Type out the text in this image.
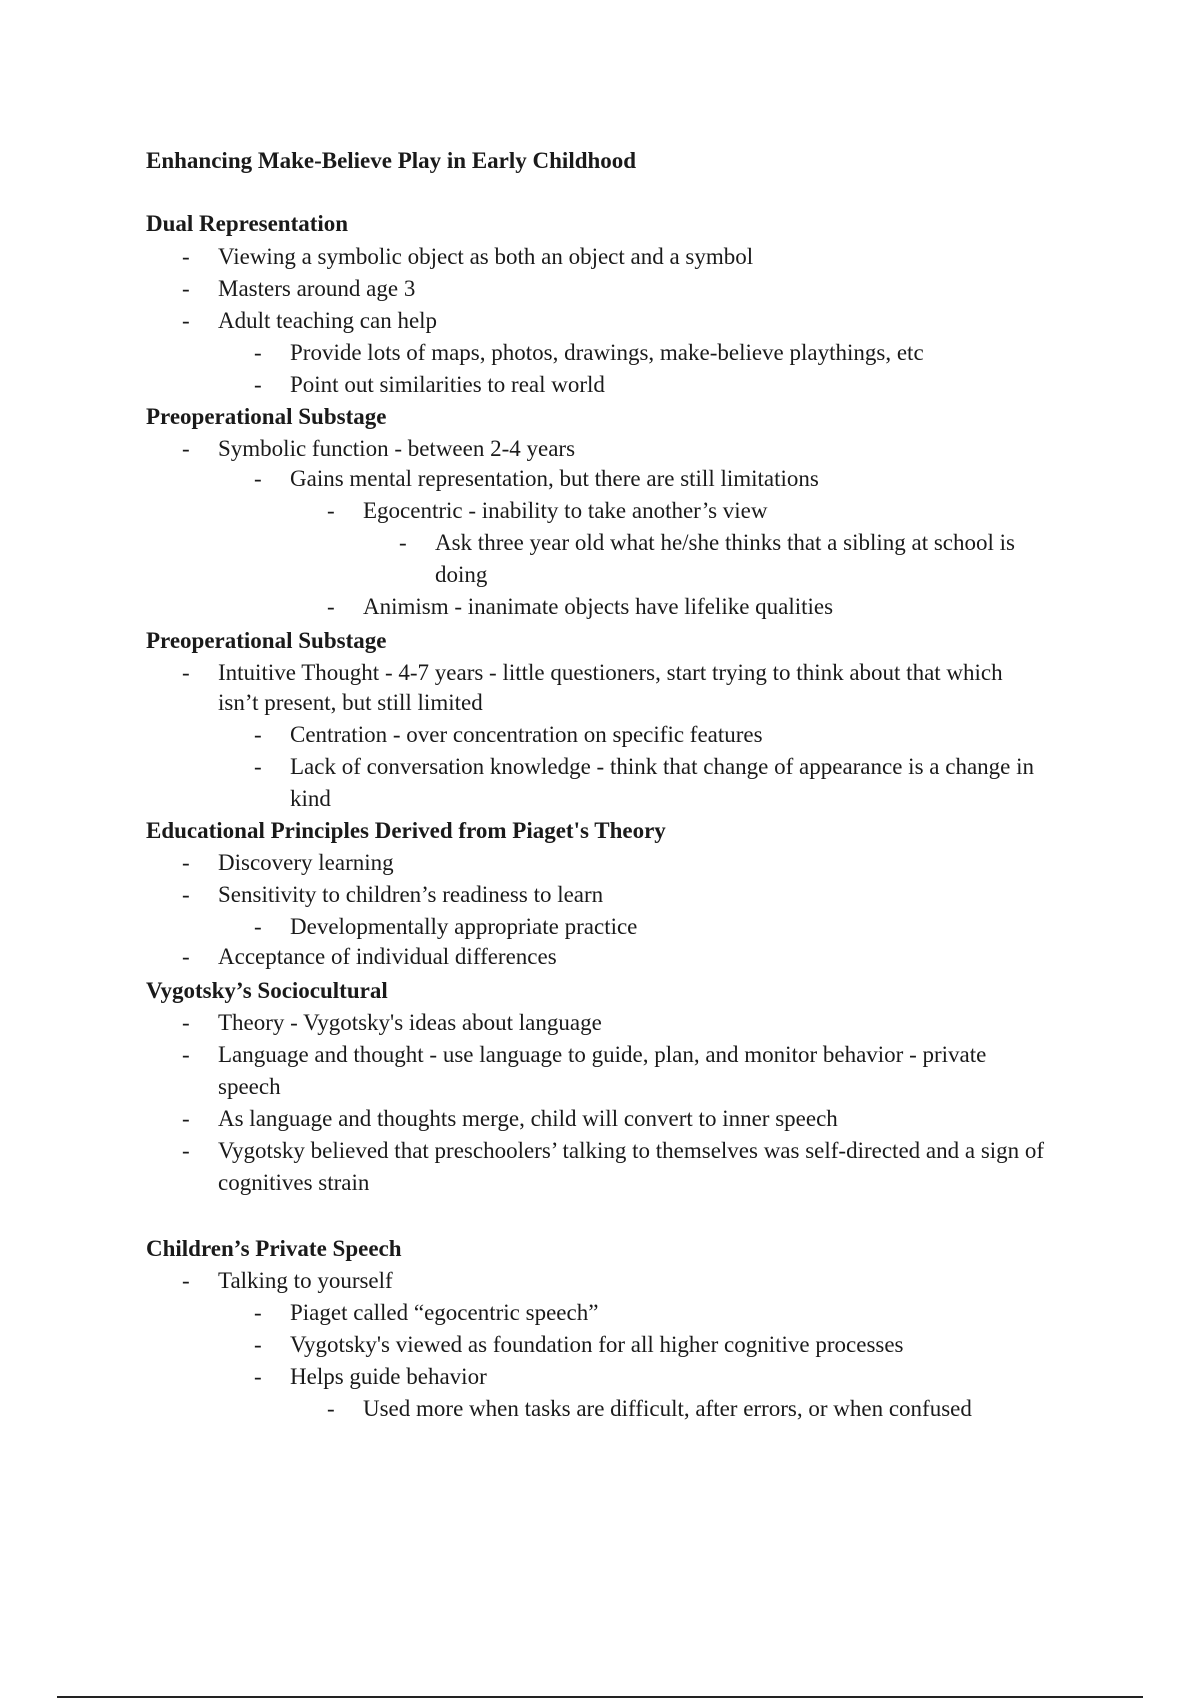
Enhancing Make-Believe Play in Early Childhood
Dual Representation
- Viewing a symbolic object as both an object and a symbol
- Masters around age 3
- Adult teaching can help
- Provide lots of maps, photos, drawings, make-believe playthings, etc
- Point out similarities to real world
Preoperational Substage
- Symbolic function - between 2-4 years
- Gains mental representation, but there are still limitations
- Egocentric - inability to take another’s view
- Ask three year old what he/she thinks that a sibling at school is
doing
- Animism - inanimate objects have lifelike qualities
Preoperational Substage
- Intuitive Thought - 4-7 years - little questioners, start trying to think about that which
isn’t present, but still limited
- Centration - over concentration on specific features
- Lack of conversation knowledge - think that change of appearance is a change in
kind
Educational Principles Derived from Piaget's Theory
- Discovery learning
- Sensitivity to children’s readiness to learn
- Developmentally appropriate practice
- Acceptance of individual differences
Vygotsky’s Sociocultural
- Theory - Vygotsky's ideas about language
- Language and thought - use language to guide, plan, and monitor behavior - private
speech
- As language and thoughts merge, child will convert to inner speech
- Vygotsky believed that preschoolers’ talking to themselves was self-directed and a sign of
cognitives strain
Children’s Private Speech
- Talking to yourself
- Piaget called “egocentric speech”
- Vygotsky's viewed as foundation for all higher cognitive processes
- Helps guide behavior
- Used more when tasks are difficult, after errors, or when confused
